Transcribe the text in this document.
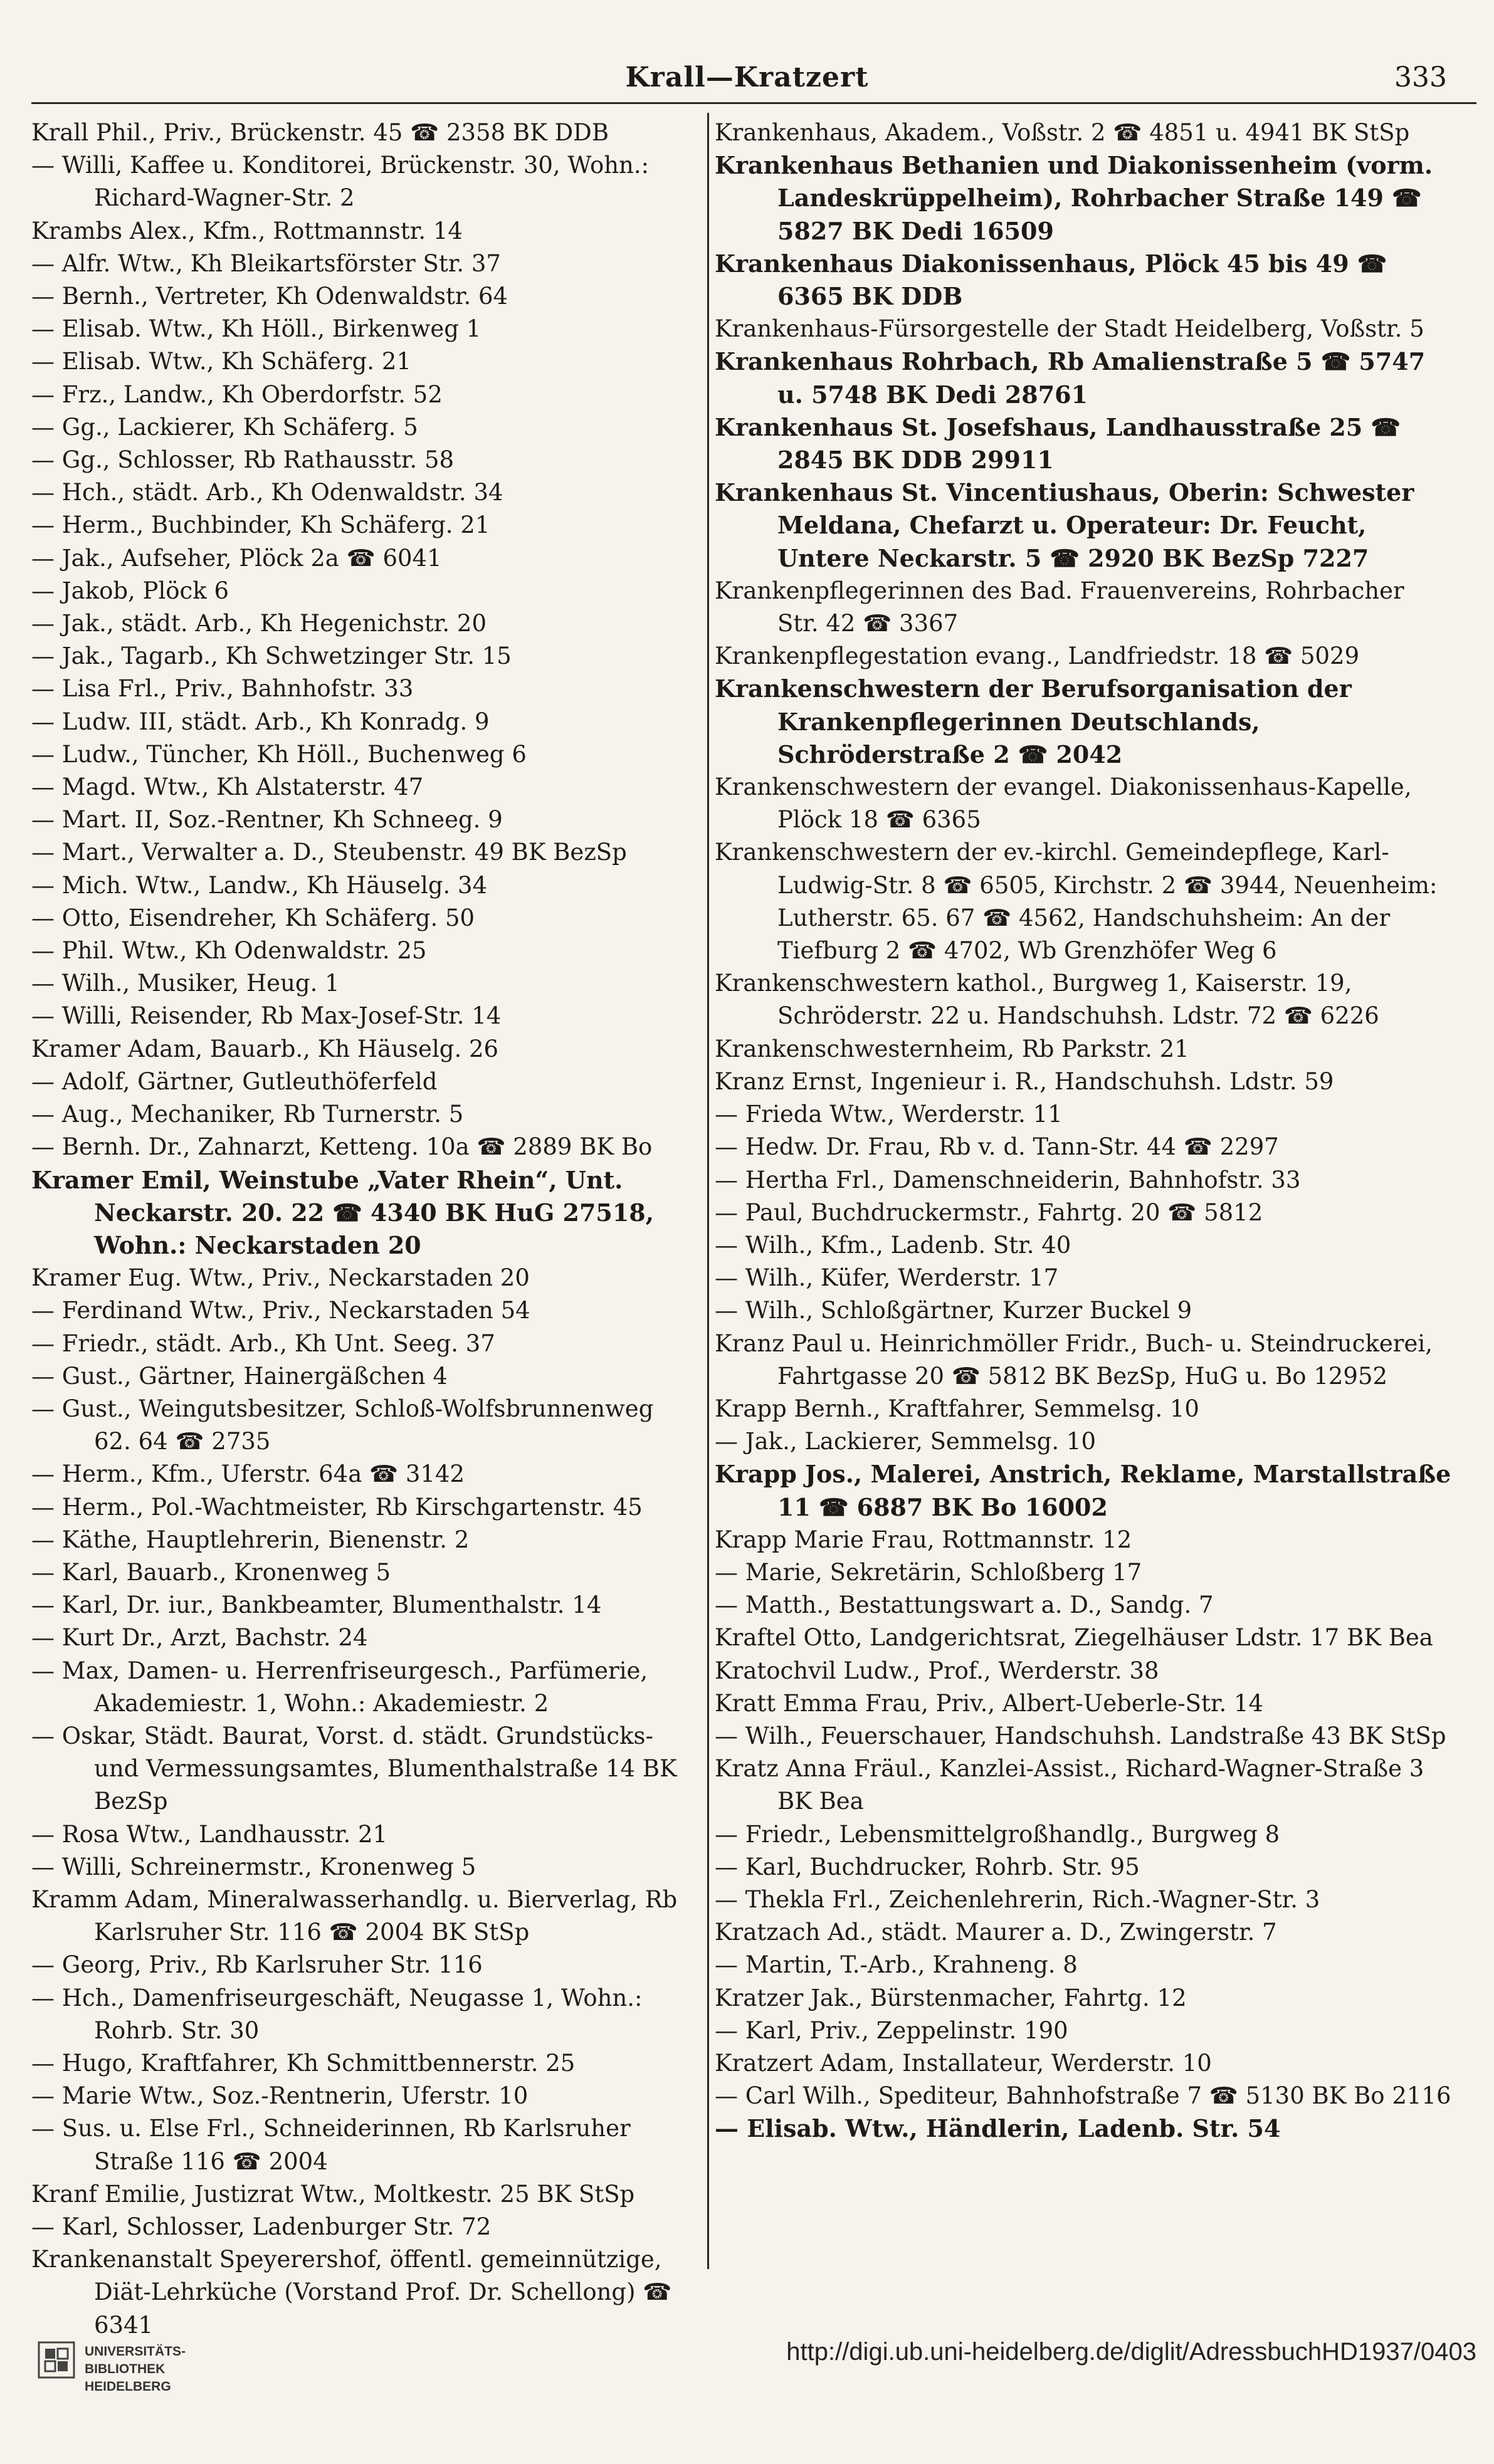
Krall—Kratzert	333
Krall Phil., Priv., Brückenstr. 45 ☎ 2358 BK DDB
— Willi, Kaffee u. Konditorei, Brückenstr. 30, Wohn.: Richard-Wagner-Str. 2
Krambs Alex., Kfm., Rottmannstr. 14
— Alfr. Wtw., Kh Bleikartsförster Str. 37
— Bernh., Vertreter, Kh Odenwaldstr. 64
— Elisab. Wtw., Kh Höll., Birkenweg 1
— Elisab. Wtw., Kh Schäferg. 21
— Frz., Landw., Kh Oberdorfstr. 52
— Gg., Lackierer, Kh Schäferg. 5
— Gg., Schlosser, Rb Rathausstr. 58
— Hch., städt. Arb., Kh Odenwaldstr. 34
— Herm., Buchbinder, Kh Schäferg. 21
— Jak., Aufseher, Plöck 2a ☎ 6041
— Jakob, Plöck 6
— Jak., städt. Arb., Kh Hegenichstr. 20
— Jak., Tagarb., Kh Schwetzinger Str. 15
— Lisa Frl., Priv., Bahnhofstr. 33
— Ludw. III, städt. Arb., Kh Konradg. 9
— Ludw., Tüncher, Kh Höll., Buchenweg 6
— Magd. Wtw., Kh Alstaterstr. 47
— Mart. II, Soz.-Rentner, Kh Schneeg. 9
— Mart., Verwalter a. D., Steubenstr. 49 BK BezSp
— Mich. Wtw., Landw., Kh Häuselg. 34
— Otto, Eisendreher, Kh Schäferg. 50
— Phil. Wtw., Kh Odenwaldstr. 25
— Wilh., Musiker, Heug. 1
— Willi, Reisender, Rb Max-Josef-Str. 14
Kramer Adam, Bauarb., Kh Häuselg. 26
— Adolf, Gärtner, Gutleuthöferfeld
— Aug., Mechaniker, Rb Turnerstr. 5
— Bernh. Dr., Zahnarzt, Ketteng. 10a ☎ 2889 BK Bo
Kramer Emil, Weinstube „Vater Rhein“, Unt. Neckarstr. 20. 22 ☎ 4340 BK HuG 27518, Wohn.: Neckarstaden 20
Kramer Eug. Wtw., Priv., Neckarstaden 20
— Ferdinand Wtw., Priv., Neckarstaden 54
— Friedr., städt. Arb., Kh Unt. Seeg. 37
— Gust., Gärtner, Hainergäßchen 4
— Gust., Weingutsbesitzer, Schloß-Wolfsbrunnenweg 62. 64 ☎ 2735
— Herm., Kfm., Uferstr. 64a ☎ 3142
— Herm., Pol.-Wachtmeister, Rb Kirschgartenstr. 45
— Käthe, Hauptlehrerin, Bienenstr. 2
— Karl, Bauarb., Kronenweg 5
— Karl, Dr. iur., Bankbeamter, Blumenthalstr. 14
— Kurt Dr., Arzt, Bachstr. 24
— Max, Damen- u. Herrenfriseurgesch., Parfümerie, Akademiestr. 1, Wohn.: Akademiestr. 2
— Oskar, Städt. Baurat, Vorst. d. städt. Grundstücks- und Vermessungsamtes, Blumenthalstraße 14 BK BezSp
— Rosa Wtw., Landhausstr. 21
— Willi, Schreinermstr., Kronenweg 5
Kramm Adam, Mineralwasserhandlg. u. Bierverlag, Rb Karlsruher Str. 116 ☎ 2004 BK StSp
— Georg, Priv., Rb Karlsruher Str. 116
— Hch., Damenfriseurgeschäft, Neugasse 1, Wohn.: Rohrb. Str. 30
— Hugo, Kraftfahrer, Kh Schmittbennerstr. 25
— Marie Wtw., Soz.-Rentnerin, Uferstr. 10
— Sus. u. Else Frl., Schneiderinnen, Rb Karlsruher Straße 116 ☎ 2004
Kranf Emilie, Justizrat Wtw., Moltkestr. 25 BK StSp
— Karl, Schlosser, Ladenburger Str. 72
Krankenanstalt Speyerershof, öffentl. gemeinnützige, Diät-Lehrküche (Vorstand Prof. Dr. Schellong) ☎ 6341
Krankenhaus, Akadem., Voßstr. 2 ☎ 4851 u. 4941 BK StSp
Krankenhaus Bethanien und Diakonissenheim (vorm. Landeskrüppelheim), Rohrbacher Straße 149 ☎ 5827 BK Dedi 16509
Krankenhaus Diakonissenhaus, Plöck 45 bis 49 ☎ 6365 BK DDB
Krankenhaus-Fürsorgestelle der Stadt Heidelberg, Voßstr. 5
Krankenhaus Rohrbach, Rb Amalienstraße 5 ☎ 5747 u. 5748 BK Dedi 28761
Krankenhaus St. Josefshaus, Landhausstraße 25 ☎ 2845 BK DDB 29911
Krankenhaus St. Vincentiushaus, Oberin: Schwester Meldana, Chefarzt u. Operateur: Dr. Feucht, Untere Neckarstr. 5 ☎ 2920 BK BezSp 7227
Krankenpflegerinnen des Bad. Frauenvereins, Rohrbacher Str. 42 ☎ 3367
Krankenpflegestation evang., Landfriedstr. 18 ☎ 5029
Krankenschwestern der Berufsorganisation der Krankenpflegerinnen Deutschlands, Schröderstraße 2 ☎ 2042
Krankenschwestern der evangel. Diakonissenhaus-Kapelle, Plöck 18 ☎ 6365
Krankenschwestern der ev.-kirchl. Gemeindepflege, Karl-Ludwig-Str. 8 ☎ 6505, Kirchstr. 2 ☎ 3944, Neuenheim: Lutherstr. 65. 67 ☎ 4562, Handschuhsheim: An der Tiefburg 2 ☎ 4702, Wb Grenzhöfer Weg 6
Krankenschwestern kathol., Burgweg 1, Kaiserstr. 19, Schröderstr. 22 u. Handschuhsh. Ldstr. 72 ☎ 6226
Krankenschwesternheim, Rb Parkstr. 21
Kranz Ernst, Ingenieur i. R., Handschuhsh. Ldstr. 59
— Frieda Wtw., Werderstr. 11
— Hedw. Dr. Frau, Rb v. d. Tann-Str. 44 ☎ 2297
— Hertha Frl., Damenschneiderin, Bahnhofstr. 33
— Paul, Buchdruckermstr., Fahrtg. 20 ☎ 5812
— Wilh., Kfm., Ladenb. Str. 40
— Wilh., Küfer, Werderstr. 17
— Wilh., Schloßgärtner, Kurzer Buckel 9
Kranz Paul u. Heinrichmöller Fridr., Buch- u. Steindruckerei, Fahrtgasse 20 ☎ 5812 BK BezSp, HuG u. Bo 12952
Krapp Bernh., Kraftfahrer, Semmelsg. 10
— Jak., Lackierer, Semmelsg. 10
Krapp Jos., Malerei, Anstrich, Reklame, Marstallstraße 11 ☎ 6887 BK Bo 16002
Krapp Marie Frau, Rottmannstr. 12
— Marie, Sekretärin, Schloßberg 17
— Matth., Bestattungswart a. D., Sandg. 7
Kraftel Otto, Landgerichtsrat, Ziegelhäuser Ldstr. 17 BK Bea
Kratochvil Ludw., Prof., Werderstr. 38
Kratt Emma Frau, Priv., Albert-Ueberle-Str. 14
— Wilh., Feuerschauer, Handschuhsh. Landstraße 43 BK StSp
Kratz Anna Fräul., Kanzlei-Assist., Richard-Wagner-Straße 3 BK Bea
— Friedr., Lebensmittelgroßhandlg., Burgweg 8
— Karl, Buchdrucker, Rohrb. Str. 95
— Thekla Frl., Zeichenlehrerin, Rich.-Wagner-Str. 3
Kratzach Ad., städt. Maurer a. D., Zwingerstr. 7
— Martin, T.-Arb., Krahneng. 8
Kratzer Jak., Bürstenmacher, Fahrtg. 12
— Karl, Priv., Zeppelinstr. 190
Kratzert Adam, Installateur, Werderstr. 10
— Carl Wilh., Spediteur, Bahnhofstraße 7 ☎ 5130 BK Bo 2116
— Elisab. Wtw., Händlerin, Ladenb. Str. 54
UNIVERSITÄTS-
BIBLIOTHEK
HEIDELBERG
http://digi.ub.uni-heidelberg.de/diglit/AdressbuchHD1937/0403
